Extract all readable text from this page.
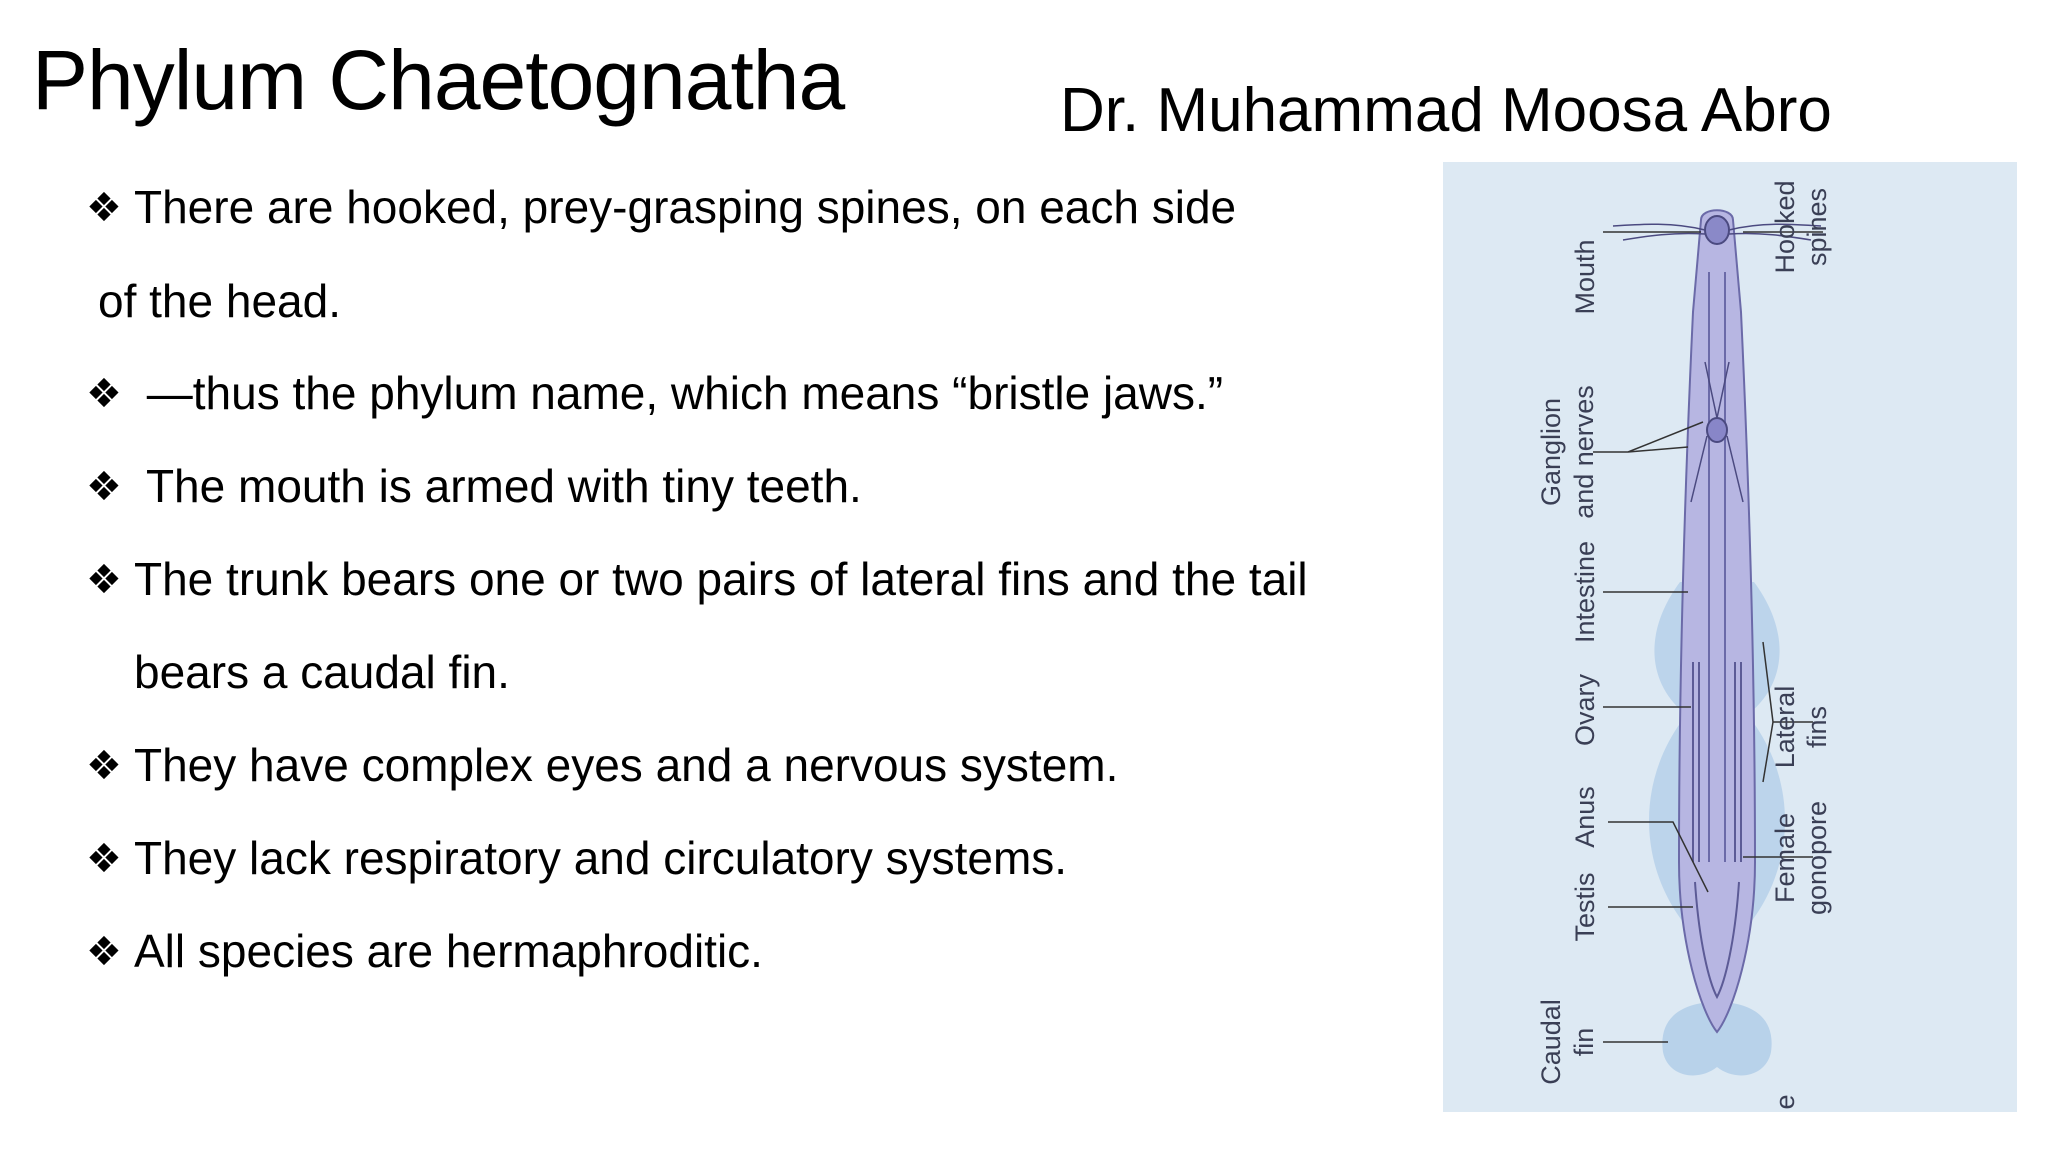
Phylum Chaetognatha	Dr. Muhammad Moosa Abro
❖ There are hooked, prey-grasping spines, on each side
of the head.
❖ —thus the phylum name, which means “bristle jaws.”
❖ The mouth is armed with tiny teeth.
❖ The trunk bears one or two pairs of lateral fins and the tail
bears a caudal fin.
❖ They have complex eyes and a nervous system.
❖ They lack respiratory and circulatory systems.
❖ All species are hermaphroditic.
Mouth
Hooked spines
Ganglion and nerves
Intestine
Ovary	Lateral fins
Anus	Female gonopore
Testis
Caudal fin
e
